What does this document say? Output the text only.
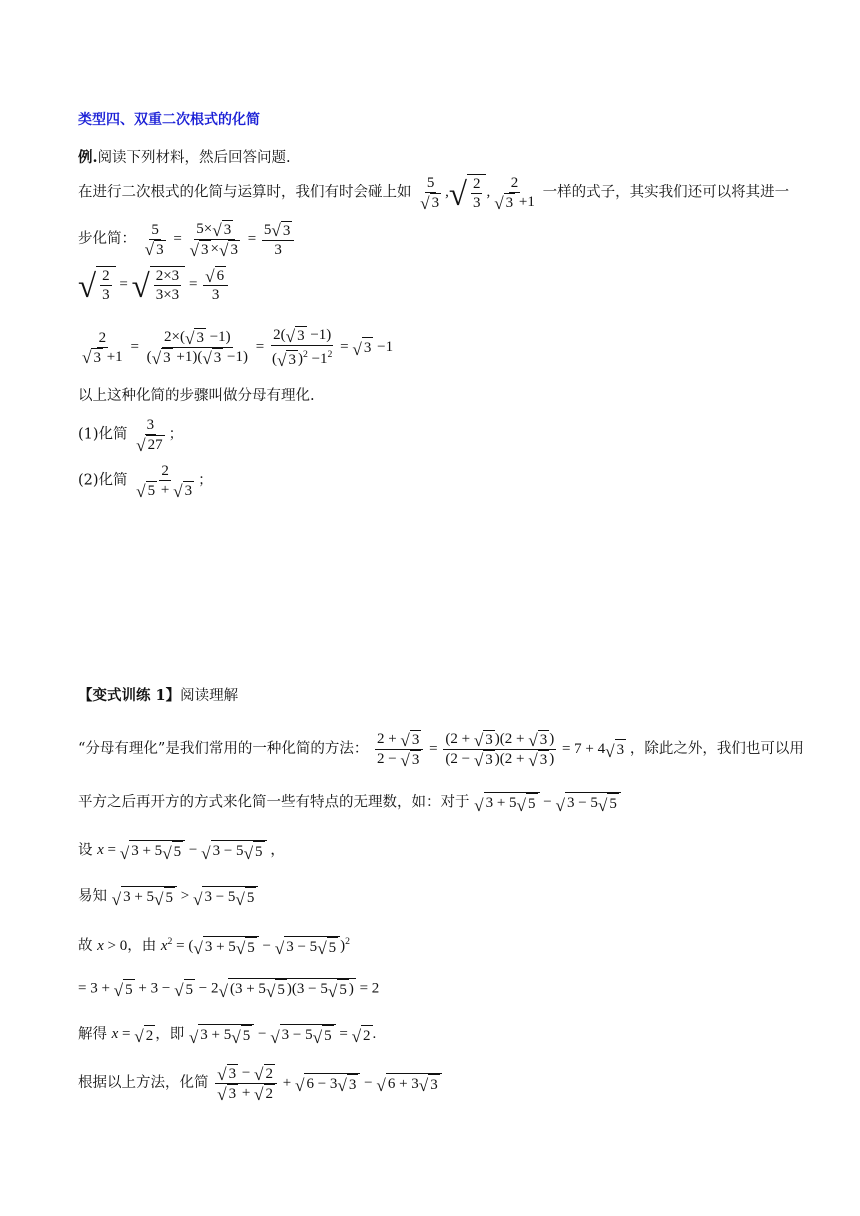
类型四、双重二次根式的化简
例.阅读下列材料，然后回答问题.
在进行二次根式的化简与运算时，我们有时会碰上如 $\frac{5}{√ 3}$ , √ $\frac{2}{3}$ , $\frac{2}{√ 3 +1}$ 一样的式子，其实我们还可以将其进一
步化简： $\frac{5}{√ 3} = \frac{5\times √ 3}{√ 3 \times √ 3} = \frac{5 √ 3}{3}$
√ $\frac{2}{3}$ = √ $\frac{2\times 3}{3\times 3} = \frac{√ 6}{3}$
$\frac{2}{√ 3 +1} = \frac{2\times( √ 3 -1)}{( √ 3 +1)( √ 3 -1)} = \frac{2( √ 3 -1)}{( √ 3 )^2 -1^2}$ = √ 3 −1
以上这种化简的步骤叫做分母有理化.
(1)化简 $\frac{3}{√ 27}$ ；
(2)化简 $\frac{2}{√ 5 + √ 3}$ ；
【变式训练 1】阅读理解
“分母有理化”是我们常用的一种化简的方法： $\frac{2 + √ 3}{2 - √ 3} = \frac{(2 + √ 3 )(2 + √ 3 )}{(2 - √ 3 )(2 + √ 3 )} = 7 + 4$ √ 3 ，除此之外，我们也可以用
平方之后再开方的方式来化简一些有特点的无理数，如：对于 √ 3 + 5 √ 5 − √ 3 − 5 √ 5
设 x = √ 3 + 5 √ 5 − √ 3 − 5 √ 5 ，
易知 √ 3 + 5 √ 5 > √ 3 − 5 √ 5
故 x > 0，由 $x^2$ = ( √ 3 + 5 √ 5 − √ 3 − 5 √ 5 )$^2$
= 3 + √ 5 + 3 − √ 5 − 2 √ (3 + 5 √ 5 )(3 − 5 √ 5 ) = 2
解得 x = √ 2 ，即 √ 3 + 5 √ 5 − √ 3 − 5 √ 5 = √ 2 .
根据以上方法，化简 $\frac{√ 3 - √ 2}{√ 3 + √ 2}$ + √ 6 − 3 √ 3 − √ 6 + 3 √ 3
